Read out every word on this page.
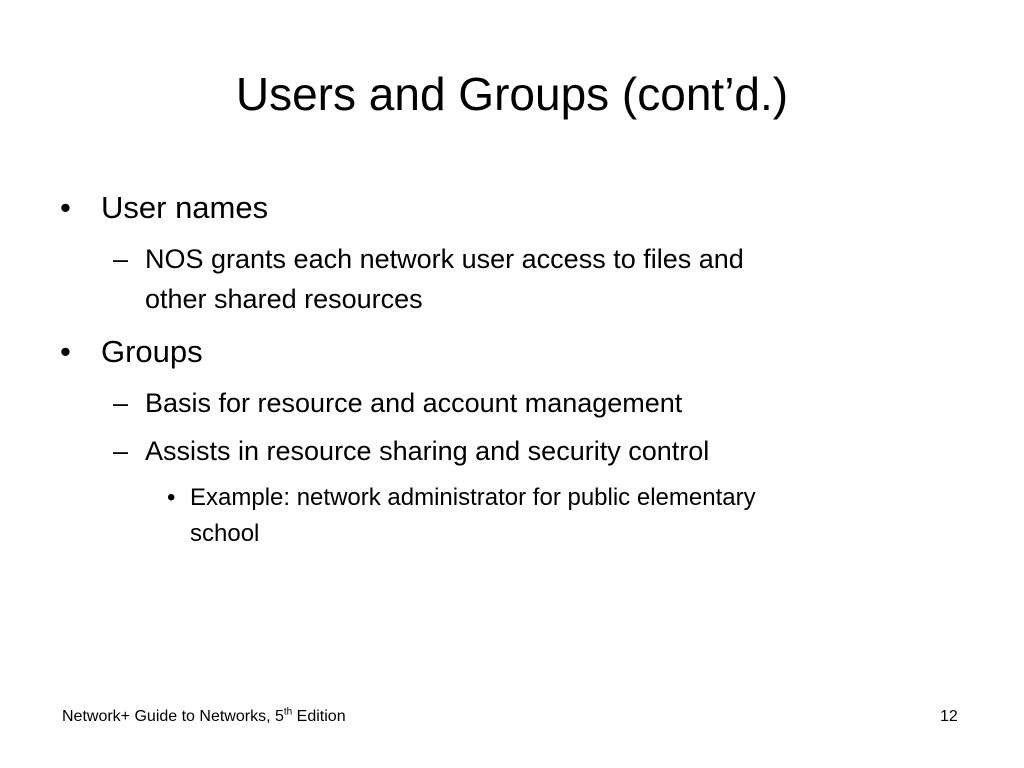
Users and Groups (cont’d.)
• User names
– NOS grants each network user access to files and
other shared resources
• Groups
– Basis for resource and account management
– Assists in resource sharing and security control
• Example: network administrator for public elementary
school
Network+ Guide to Networks, 5th Edition	12
